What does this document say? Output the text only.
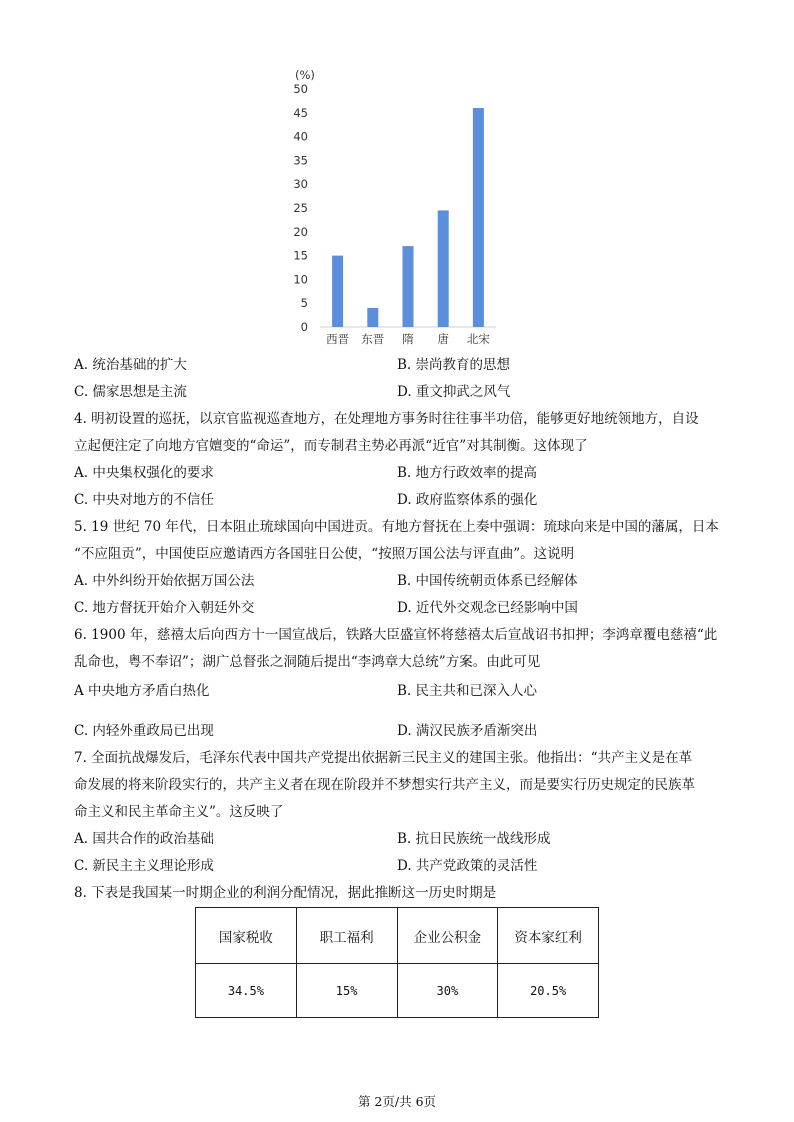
(%)
0
5
10
15
20
25
30
35
40
45
50
西晋 东晋 隋 唐 北宋
A. 统治基础的扩大	B. 崇尚教育的思想
C. 儒家思想是主流	D. 重文抑武之风气
4. 明初设置的巡抚，以京官监视巡查地方，在处理地方事务时往往事半功倍，能够更好地统领地方，自设
立起便注定了向地方官嬗变的“命运”，而专制君主势必再派“近官”对其制衡。这体现了
A. 中央集权强化的要求	B. 地方行政效率的提高
C. 中央对地方的不信任	D. 政府监察体系的强化
5. 19 世纪 70 年代，日本阻止琉球国向中国进贡。有地方督抚在上奏中强调：琉球向来是中国的藩属，日本
“不应阻贡”，中国使臣应邀请西方各国驻日公使，“按照万国公法与评直曲”。这说明
A. 中外纠纷开始依据万国公法	B. 中国传统朝贡体系已经解体
C. 地方督抚开始介入朝廷外交	D. 近代外交观念已经影响中国
6. 1900 年，慈禧太后向西方十一国宣战后，铁路大臣盛宣怀将慈禧太后宣战诏书扣押；李鸿章覆电慈禧“此
乱命也，粤不奉诏”；湖广总督张之洞随后提出“李鸿章大总统”方案。由此可见
A 中央地方矛盾白热化	B. 民主共和已深入人心
C. 内轻外重政局已出现	D. 满汉民族矛盾渐突出
7. 全面抗战爆发后，毛泽东代表中国共产党提出依据新三民主义的建国主张。他指出：“共产主义是在革
命发展的将来阶段实行的，共产主义者在现在阶段并不梦想实行共产主义，而是要实行历史规定的民族革
命主义和民主革命主义”。这反映了
A. 国共合作的政治基础	B. 抗日民族统一战线形成
C. 新民主主义理论形成	D. 共产党政策的灵活性
8. 下表是我国某一时期企业的利润分配情况，据此推断这一历史时期是
国家税收	职工福利	企业公积金	资本家红利
34.5%	15%	30%	20.5%
第 2页/共 6页
